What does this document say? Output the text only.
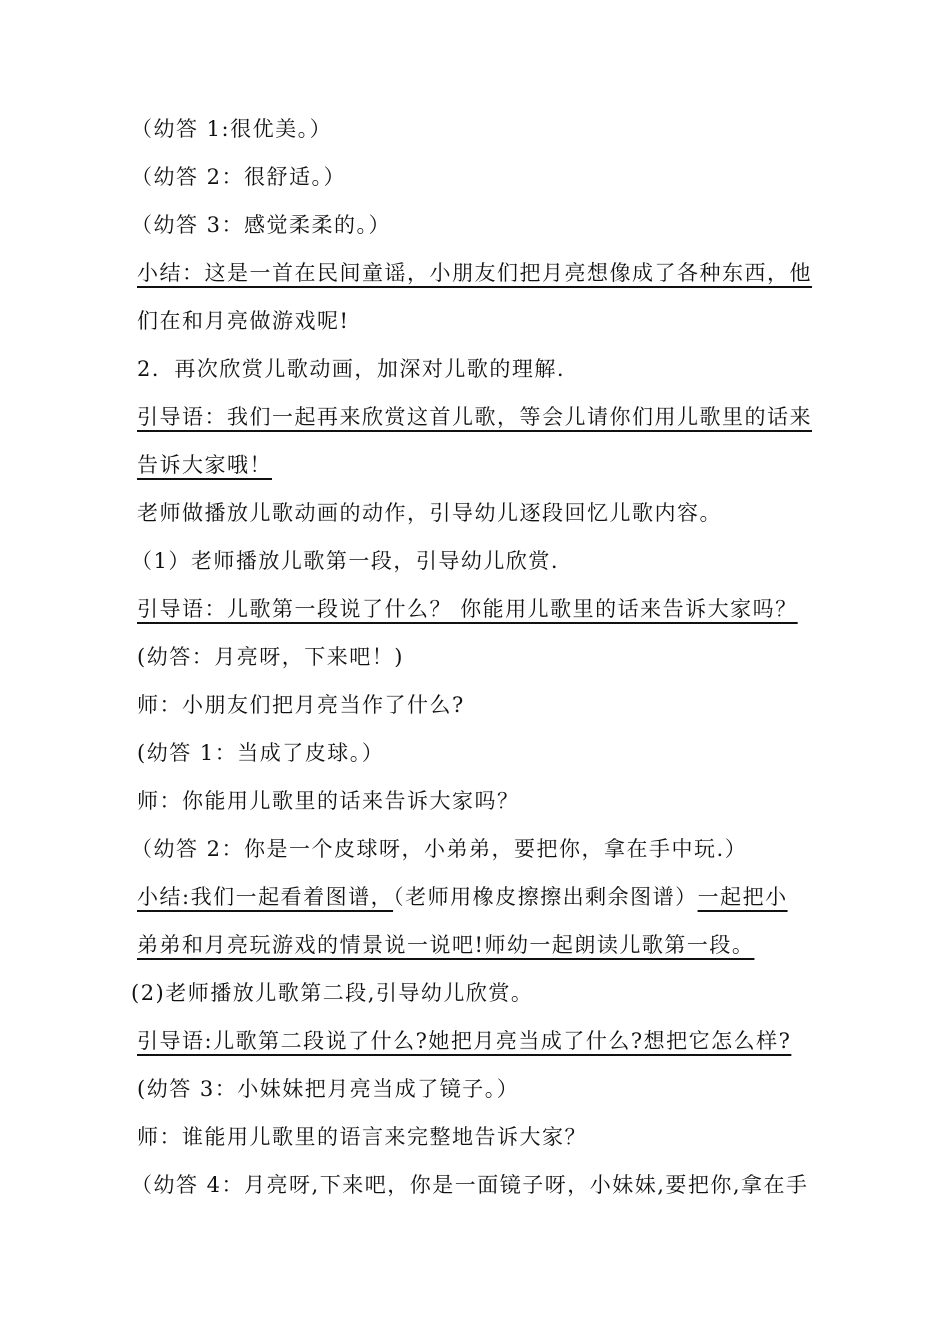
（幼答 1:很优美。）
（幼答 2：很舒适。）
（幼答 3：感觉柔柔的。）
小结：这是一首在民间童谣，小朋友们把月亮想像成了各种东西，他
们在和月亮做游戏呢!
2．再次欣赏儿歌动画，加深对儿歌的理解.
引导语：我们一起再来欣赏这首儿歌，等会儿请你们用儿歌里的话来
告诉大家哦！
老师做播放儿歌动画的动作，引导幼儿逐段回忆儿歌内容。
（1）老师播放儿歌第一段，引导幼儿欣赏.
引导语：儿歌第一段说了什么？ 你能用儿歌里的话来告诉大家吗？
(幼答：月亮呀，下来吧！)
师：小朋友们把月亮当作了什么?
(幼答 1：当成了皮球。）
师：你能用儿歌里的话来告诉大家吗？
（幼答 2：你是一个皮球呀，小弟弟，要把你，拿在手中玩.）
小结:我们一起看着图谱，（老师用橡皮擦擦出剩余图谱）一起把小
弟弟和月亮玩游戏的情景说一说吧!师幼一起朗读儿歌第一段。
(2)老师播放儿歌第二段,引导幼儿欣赏。
引导语:儿歌第二段说了什么?她把月亮当成了什么?想把它怎么样?
(幼答 3：小妹妹把月亮当成了镜子。）
师：谁能用儿歌里的语言来完整地告诉大家？
（幼答 4：月亮呀,下来吧，你是一面镜子呀，小妹妹,要把你,拿在手
